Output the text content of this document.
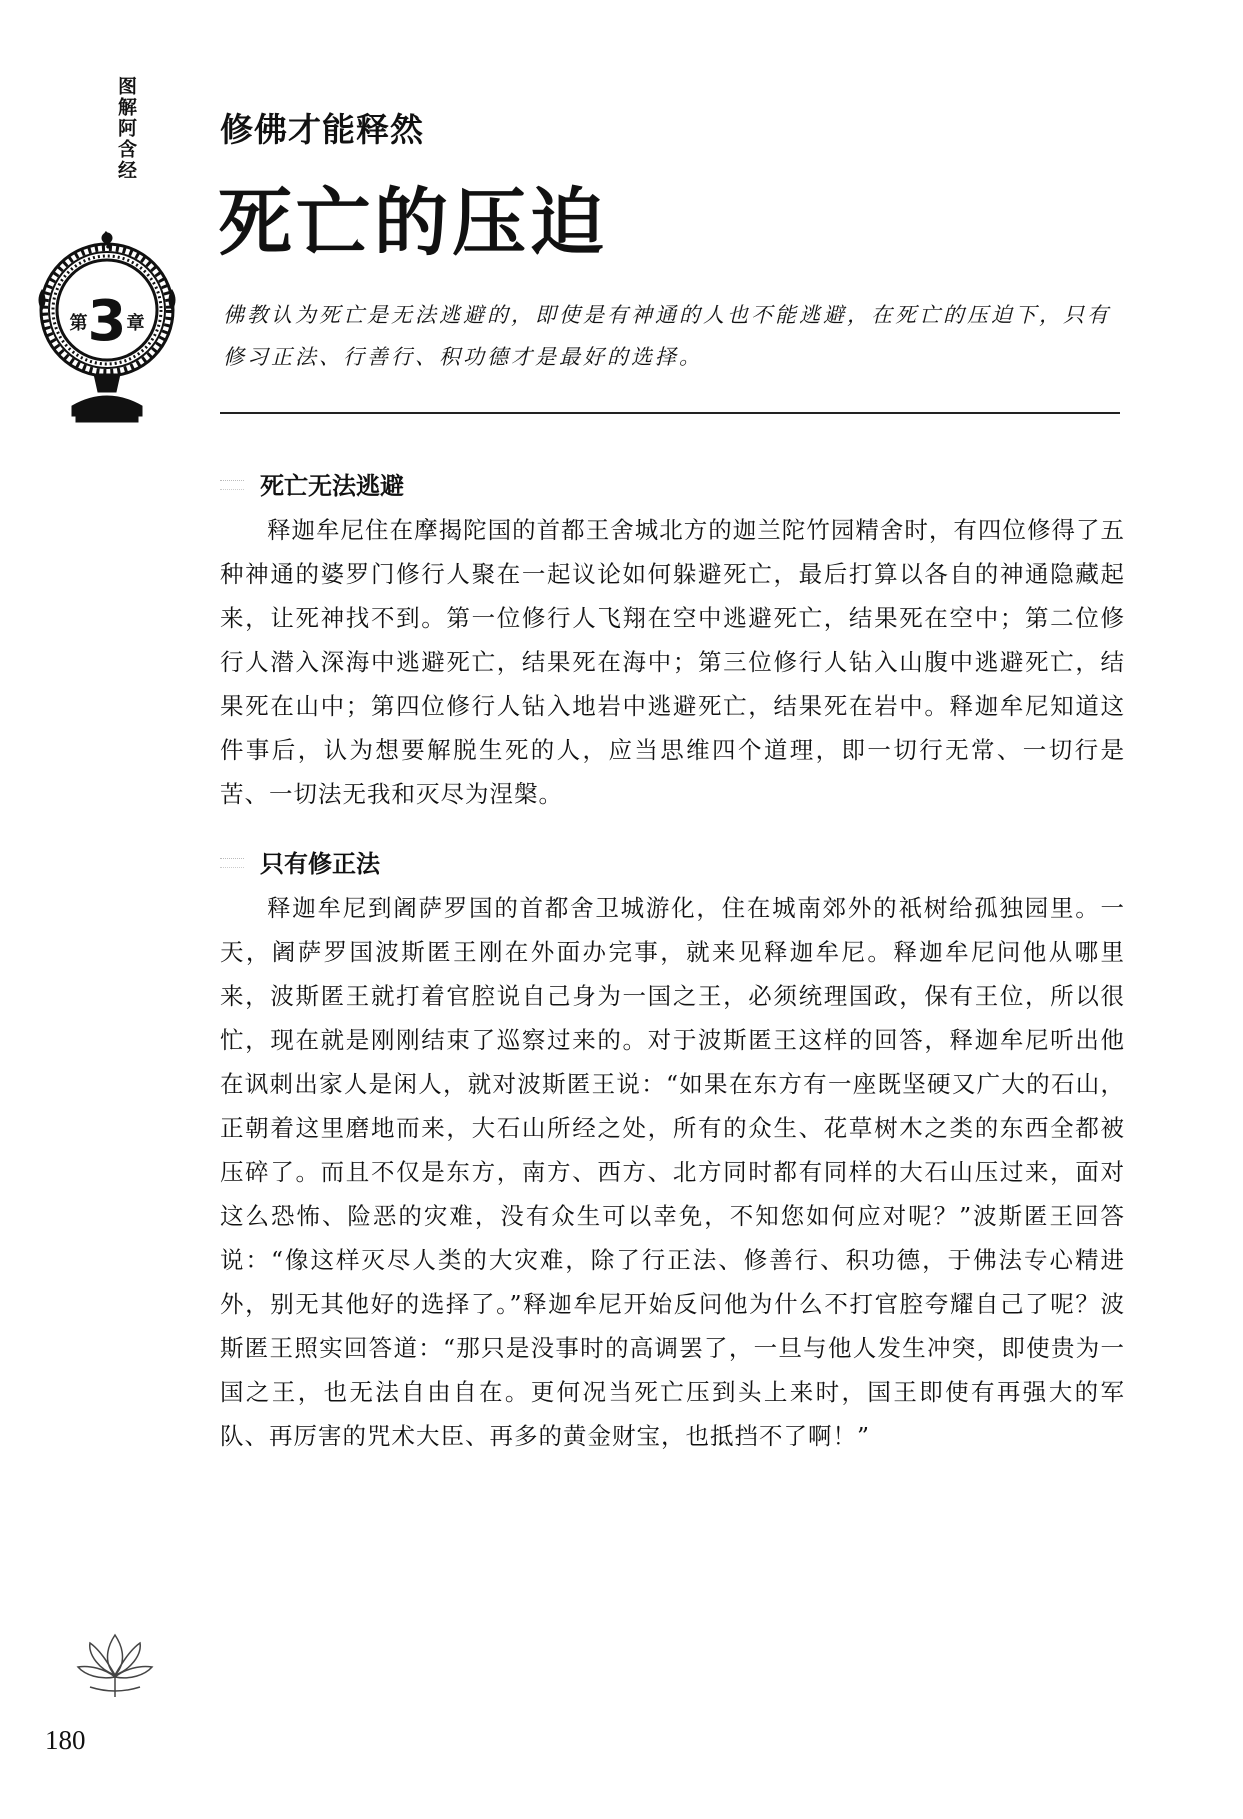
图解阿含经
第3章
修佛才能释然
死亡的压迫
佛教认为死亡是无法逃避的，即使是有神通的人也不能逃避，在死亡的压迫下，只有修习正法、行善行、积功德才是最好的选择。
死亡无法逃避

释迦牟尼住在摩揭陀国的首都王舍城北方的迦兰陀竹园精舍时，有四位修得了五种神通的婆罗门修行人聚在一起议论如何躲避死亡，最后打算以各自的神通隐藏起来，让死神找不到。第一位修行人飞翔在空中逃避死亡，结果死在空中；第二位修行人潜入深海中逃避死亡，结果死在海中；第三位修行人钻入山腹中逃避死亡，结果死在山中；第四位修行人钻入地岩中逃避死亡，结果死在岩中。释迦牟尼知道这件事后，认为想要解脱生死的人，应当思维四个道理，即一切行无常、一切行是苦、一切法无我和灭尽为涅槃。

只有修正法

释迦牟尼到阇萨罗国的首都舍卫城游化，住在城南郊外的祇树给孤独园里。一天，阇萨罗国波斯匿王刚在外面办完事，就来见释迦牟尼。释迦牟尼问他从哪里来，波斯匿王就打着官腔说自己身为一国之王，必须统理国政，保有王位，所以很忙，现在就是刚刚结束了巡察过来的。对于波斯匿王这样的回答，释迦牟尼听出他在讽刺出家人是闲人，就对波斯匿王说：“如果在东方有一座既坚硬又广大的石山，正朝着这里磨地而来，大石山所经之处，所有的众生、花草树木之类的东西全都被压碎了。而且不仅是东方，南方、西方、北方同时都有同样的大石山压过来，面对这么恐怖、险恶的灾难，没有众生可以幸免，不知您如何应对呢？”波斯匿王回答说：“像这样灭尽人类的大灾难，除了行正法、修善行、积功德，于佛法专心精进外，别无其他好的选择了。”释迦牟尼开始反问他为什么不打官腔夸耀自己了呢？波斯匿王照实回答道：“那只是没事时的高调罢了，一旦与他人发生冲突，即使贵为一国之王，也无法自由自在。更何况当死亡压到头上来时，国王即使有再强大的军队、再厉害的咒术大臣、再多的黄金财宝，也抵挡不了啊！”

180
